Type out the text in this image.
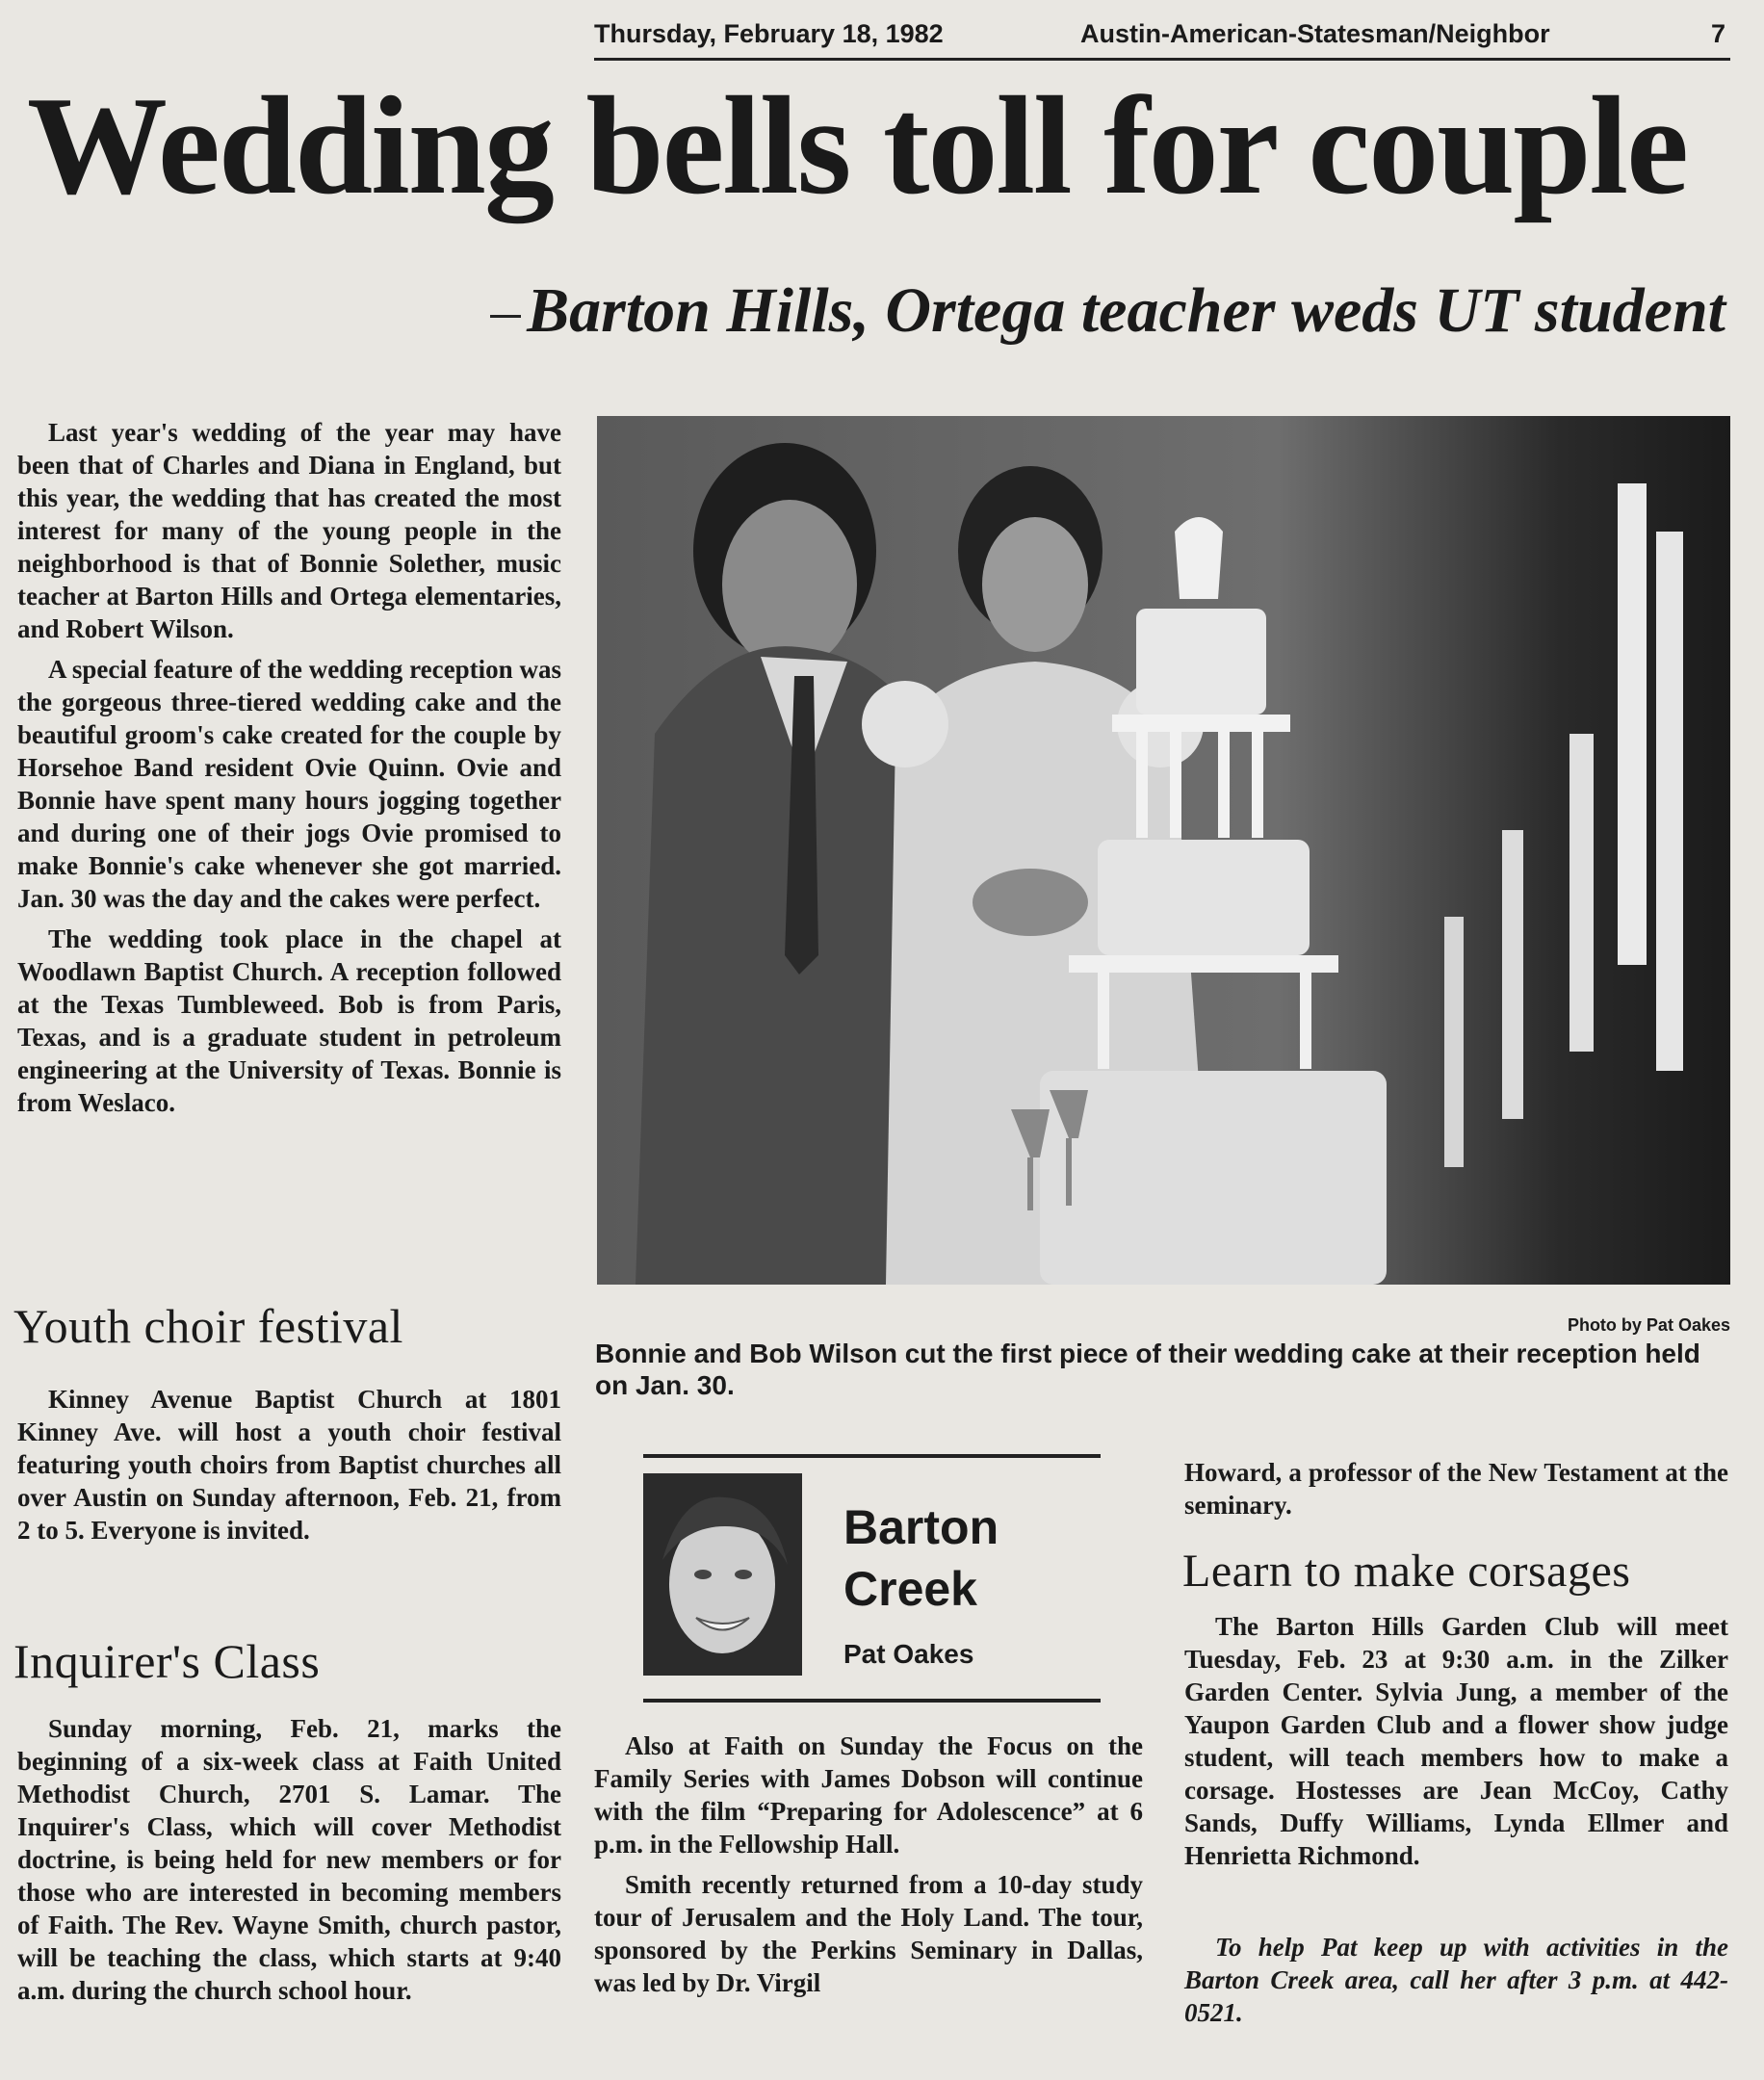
Thursday, February 18, 1982	Austin-American-Statesman/Neighbor	7
Wedding bells toll for couple
Barton Hills, Ortega teacher weds UT student

Last year's wedding of the year may have been that of Charles and Diana in England, but this year, the wedding that has created the most interest for many of the young people in the neighborhood is that of Bonnie Solether, music teacher at Barton Hills and Ortega elementaries, and Robert Wilson.

A special feature of the wedding reception was the gorgeous three-tiered wedding cake and the beautiful groom's cake created for the couple by Horsehoe Band resident Ovie Quinn. Ovie and Bonnie have spent many hours jogging together and during one of their jogs Ovie promised to make Bonnie's cake whenever she got married. Jan. 30 was the day and the cakes were perfect.

The wedding took place in the chapel at Woodlawn Baptist Church. A reception followed at the Texas Tumbleweed. Bob is from Paris, Texas, and is a graduate student in petroleum engineering at the University of Texas. Bonnie is from Weslaco.

Youth choir festival

Kinney Avenue Baptist Church at 1801 Kinney Ave. will host a youth choir festival featuring youth choirs from Baptist churches all over Austin on Sunday afternoon, Feb. 21, from 2 to 5. Everyone is invited.

Inquirer's Class

Sunday morning, Feb. 21, marks the beginning of a six-week class at Faith United Methodist Church, 2701 S. Lamar. The Inquirer's Class, which will cover Methodist doctrine, is being held for new members or for those who are interested in becoming members of Faith. The Rev. Wayne Smith, church pastor, will be teaching the class, which starts at 9:40 a.m. during the church school hour.

Photo by Pat Oakes
Bonnie and Bob Wilson cut the first piece of their wedding cake at their reception held on Jan. 30.
Barton
Creek
Pat Oakes

Also at Faith on Sunday the Focus on the Family Series with James Dobson will continue with the film “Preparing for Adolescence” at 6 p.m. in the Fellowship Hall.

Smith recently returned from a 10-day study tour of Jerusalem and the Holy Land. The tour, sponsored by the Perkins Seminary in Dallas, was led by Dr. Virgil

Howard, a professor of the New Testament at the seminary.

Learn to make corsages

The Barton Hills Garden Club will meet Tuesday, Feb. 23 at 9:30 a.m. in the Zilker Garden Center. Sylvia Jung, a member of the Yaupon Garden Club and a flower show judge student, will teach members how to make a corsage. Hostesses are Jean McCoy, Cathy Sands, Duffy Williams, Lynda Ellmer and Henrietta Richmond.

To help Pat keep up with activities in the Barton Creek area, call her after 3 p.m. at 442-0521.
